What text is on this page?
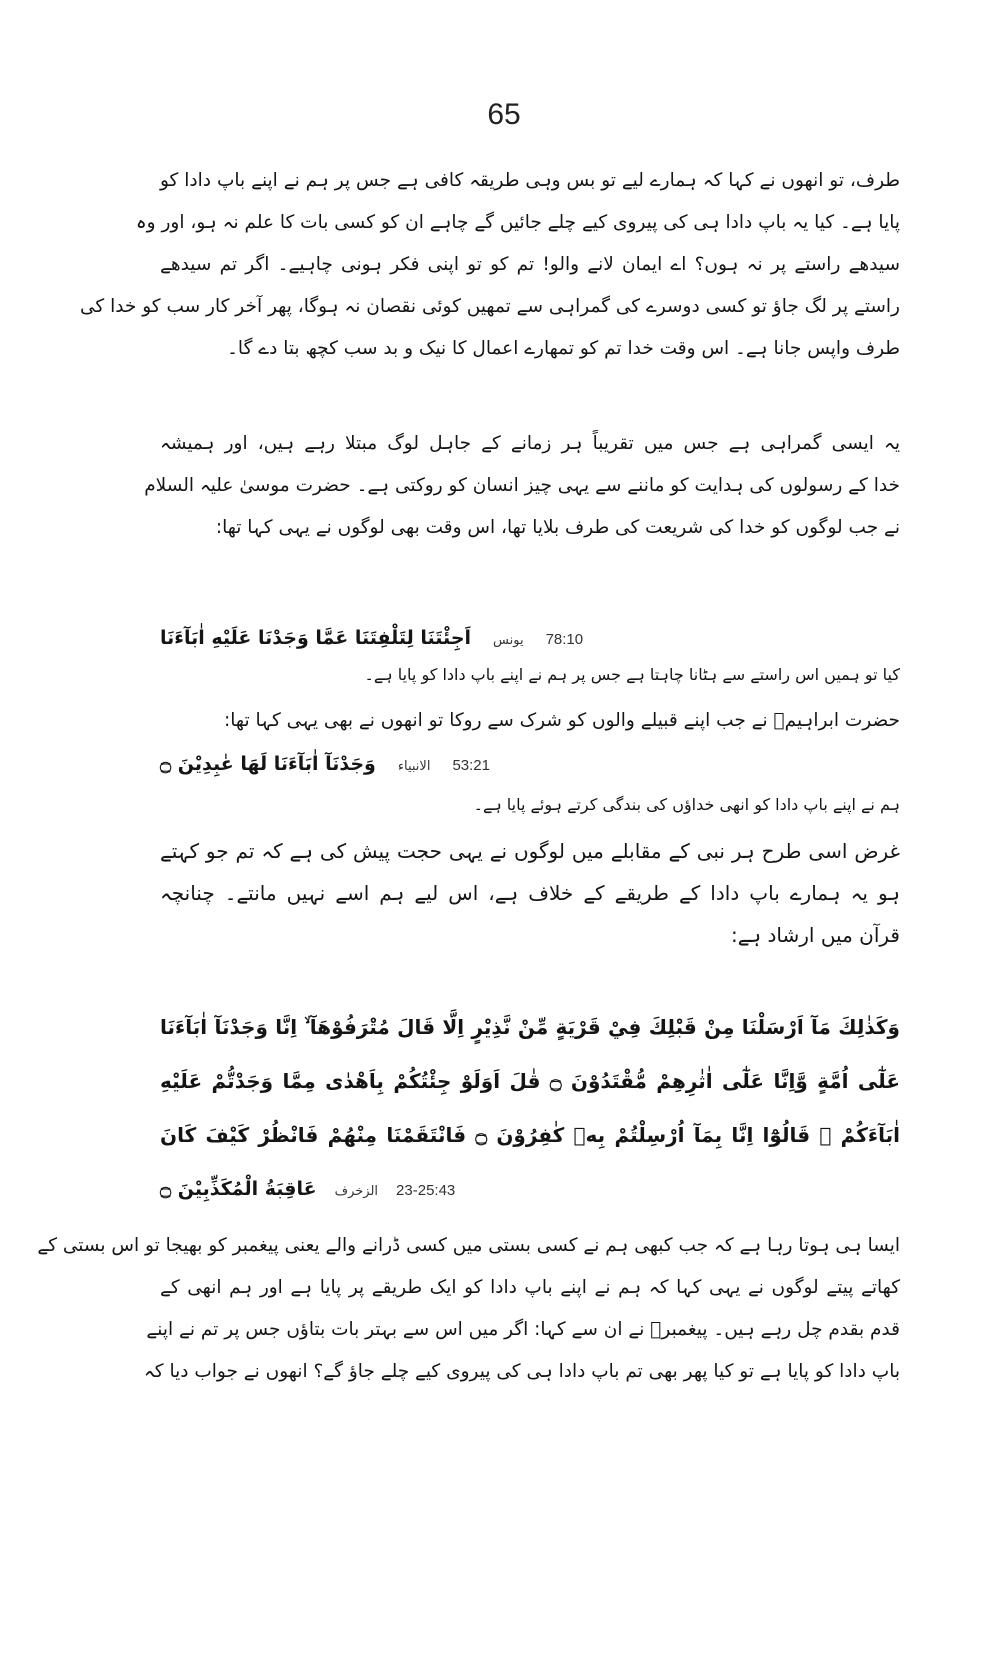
65
طرف، تو انھوں نے کہا کہ ہمارے لیے تو بس وہی طریقہ کافی ہے جس پر ہم نے اپنے باپ دادا کو
پایا ہے۔ کیا یہ باپ دادا ہی کی پیروی کیے چلے جائیں گے چاہے ان کو کسی بات کا علم نہ ہو، اور وہ
سیدھے راستے پر نہ ہوں؟ اے ایمان لانے والو! تم کو تو اپنی فکر ہونی چاہیے۔ اگر تم سیدھے
راستے پر لگ جاؤ تو کسی دوسرے کی گمراہی سے تمھیں کوئی نقصان نہ ہوگا، پھر آخر کار سب کو خدا کی
طرف واپس جانا ہے۔ اس وقت خدا تم کو تمھارے اعمال کا نیک و بد سب کچھ بتا دے گا۔
یہ ایسی گمراہی ہے جس میں تقریباً ہر زمانے کے جاہل لوگ مبتلا رہے ہیں، اور ہمیشہ
خدا کے رسولوں کی ہدایت کو ماننے سے یہی چیز انسان کو روکتی ہے۔ حضرت موسیٰ علیہ السلام
نے جب لوگوں کو خدا کی شریعت کی طرف بلایا تھا، اس وقت بھی لوگوں نے یہی کہا تھا:
اَجِئْتَنَا لِتَلْفِتَنَا عَمَّا وَجَدْنَا عَلَيْهِ اٰبَآءَنَا یونس 78:10
کیا تو ہمیں اس راستے سے ہٹانا چاہتا ہے جس پر ہم نے اپنے باپ دادا کو پایا ہے۔
حضرت ابراہیمؑ نے جب اپنے قبیلے والوں کو شرک سے روکا تو انھوں نے بھی یہی کہا تھا:
وَجَدْنَآ اٰبَآءَنَا لَهَا عٰبِدِيْنَ ۝ الانبیاء 53:21
ہم نے اپنے باپ دادا کو انھی خداؤں کی بندگی کرتے ہوئے پایا ہے۔
غرض اسی طرح ہر نبی کے مقابلے میں لوگوں نے یہی حجت پیش کی ہے کہ تم جو کہتے
ہو یہ ہمارے باپ دادا کے طریقے کے خلاف ہے، اس لیے ہم اسے نہیں مانتے۔ چنانچہ
قرآن میں ارشاد ہے:
وَكَذٰلِكَ مَآ اَرْسَلْنَا مِنْ قَبْلِكَ فِيْ قَرْيَةٍ مِّنْ نَّذِيْرٍ اِلَّا قَالَ مُتْرَفُوْهَآ ۙ اِنَّا وَجَدْنَآ اٰبَآءَنَا
عَلٰٓى اُمَّةٍ وَّاِنَّا عَلٰٓى اٰثٰرِهِمْ مُّقْتَدُوْنَ ۝ قٰلَ اَوَلَوْ جِئْتُكُمْ بِاَهْدٰى مِمَّا وَجَدْتُّمْ عَلَيْهِ
اٰبَآءَكُمْ ۭ قَالُوْٓا اِنَّا بِمَآ اُرْسِلْتُمْ بِهٖ كٰفِرُوْنَ ۝ فَانْتَقَمْنَا مِنْهُمْ فَانْظُرْ كَيْفَ كَانَ
عَاقِبَةُ الْمُكَذِّبِيْنَ ۝ الزخرف 23-25:43
ایسا ہی ہوتا رہا ہے کہ جب کبھی ہم نے کسی بستی میں کسی ڈرانے والے یعنی پیغمبر کو بھیجا تو اس بستی کے
کھاتے پیتے لوگوں نے یہی کہا کہ ہم نے اپنے باپ دادا کو ایک طریقے پر پایا ہے اور ہم انھی کے
قدم بقدم چل رہے ہیں۔ پیغمبرؑ نے ان سے کہا: اگر میں اس سے بہتر بات بتاؤں جس پر تم نے اپنے
باپ دادا کو پایا ہے تو کیا پھر بھی تم باپ دادا ہی کی پیروی کیے چلے جاؤ گے؟ انھوں نے جواب دیا کہ
